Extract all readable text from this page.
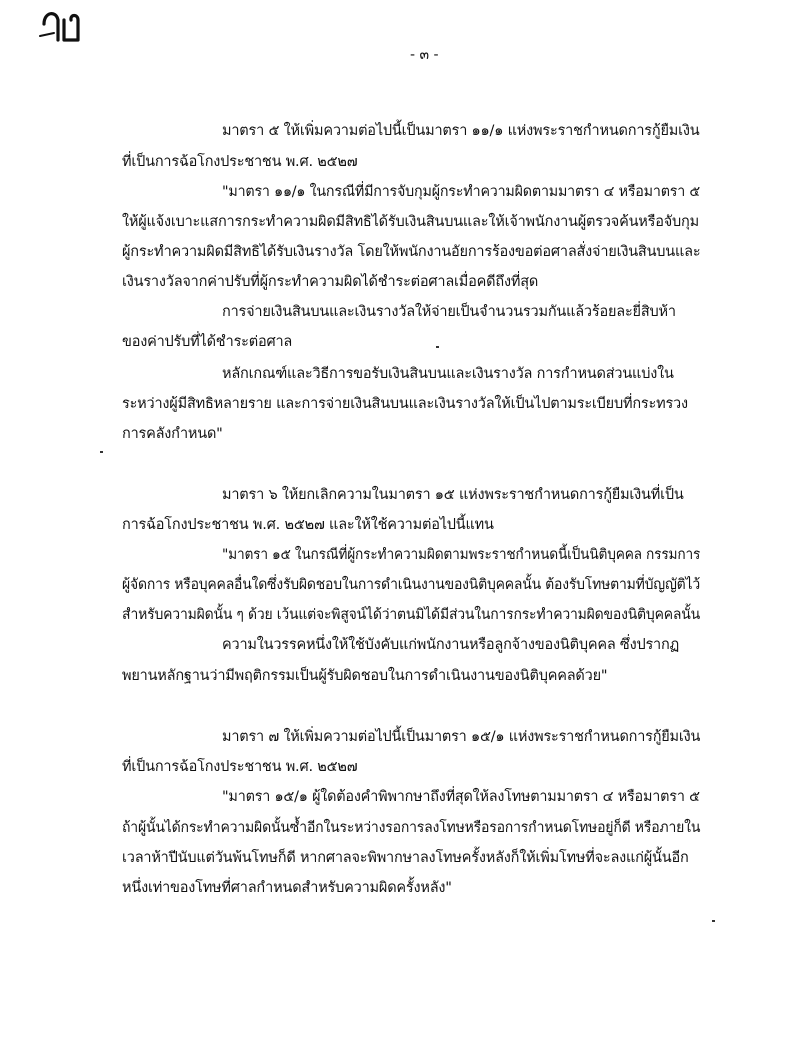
- ๓ -
มาตรา ๕ ให้เพิ่มความต่อไปนี้เป็นมาตรา ๑๑/๑ แห่งพระราชกำหนดการกู้ยืมเงิน
ที่เป็นการฉ้อโกงประชาชน พ.ศ. ๒๕๒๗
"มาตรา ๑๑/๑ ในกรณีที่มีการจับกุมผู้กระทำความผิดตามมาตรา ๔ หรือมาตรา ๕
ให้ผู้แจ้งเบาะแสการกระทำความผิดมีสิทธิได้รับเงินสินบนและให้เจ้าพนักงานผู้ตรวจค้นหรือจับกุม
ผู้กระทำความผิดมีสิทธิได้รับเงินรางวัล โดยให้พนักงานอัยการร้องขอต่อศาลสั่งจ่ายเงินสินบนและ
เงินรางวัลจากค่าปรับที่ผู้กระทำความผิดได้ชำระต่อศาลเมื่อคดีถึงที่สุด
การจ่ายเงินสินบนและเงินรางวัลให้จ่ายเป็นจำนวนรวมกันแล้วร้อยละยี่สิบห้า
ของค่าปรับที่ได้ชำระต่อศาล
หลักเกณฑ์และวิธีการขอรับเงินสินบนและเงินรางวัล การกำหนดส่วนแบ่งใน
ระหว่างผู้มีสิทธิหลายราย และการจ่ายเงินสินบนและเงินรางวัลให้เป็นไปตามระเบียบที่กระทรวง
การคลังกำหนด"
มาตรา ๖ ให้ยกเลิกความในมาตรา ๑๕ แห่งพระราชกำหนดการกู้ยืมเงินที่เป็น
การฉ้อโกงประชาชน พ.ศ. ๒๕๒๗ และให้ใช้ความต่อไปนี้แทน
"มาตรา ๑๕ ในกรณีที่ผู้กระทำความผิดตามพระราชกำหนดนี้เป็นนิติบุคคล กรรมการ
ผู้จัดการ หรือบุคคลอื่นใดซึ่งรับผิดชอบในการดำเนินงานของนิติบุคคลนั้น ต้องรับโทษตามที่บัญญัติไว้
สำหรับความผิดนั้น ๆ ด้วย เว้นแต่จะพิสูจน์ได้ว่าตนมิได้มีส่วนในการกระทำความผิดของนิติบุคคลนั้น
ความในวรรคหนึ่งให้ใช้บังคับแก่พนักงานหรือลูกจ้างของนิติบุคคล ซึ่งปรากฏ
พยานหลักฐานว่ามีพฤติกรรมเป็นผู้รับผิดชอบในการดำเนินงานของนิติบุคคลด้วย"
มาตรา ๗ ให้เพิ่มความต่อไปนี้เป็นมาตรา ๑๕/๑ แห่งพระราชกำหนดการกู้ยืมเงิน
ที่เป็นการฉ้อโกงประชาชน พ.ศ. ๒๕๒๗
"มาตรา ๑๕/๑ ผู้ใดต้องคำพิพากษาถึงที่สุดให้ลงโทษตามมาตรา ๔ หรือมาตรา ๕
ถ้าผู้นั้นได้กระทำความผิดนั้นซ้ำอีกในระหว่างรอการลงโทษหรือรอการกำหนดโทษอยู่ก็ดี หรือภายใน
เวลาห้าปีนับแต่วันพ้นโทษก็ดี หากศาลจะพิพากษาลงโทษครั้งหลังก็ให้เพิ่มโทษที่จะลงแก่ผู้นั้นอีก
หนึ่งเท่าของโทษที่ศาลกำหนดสำหรับความผิดครั้งหลัง"
